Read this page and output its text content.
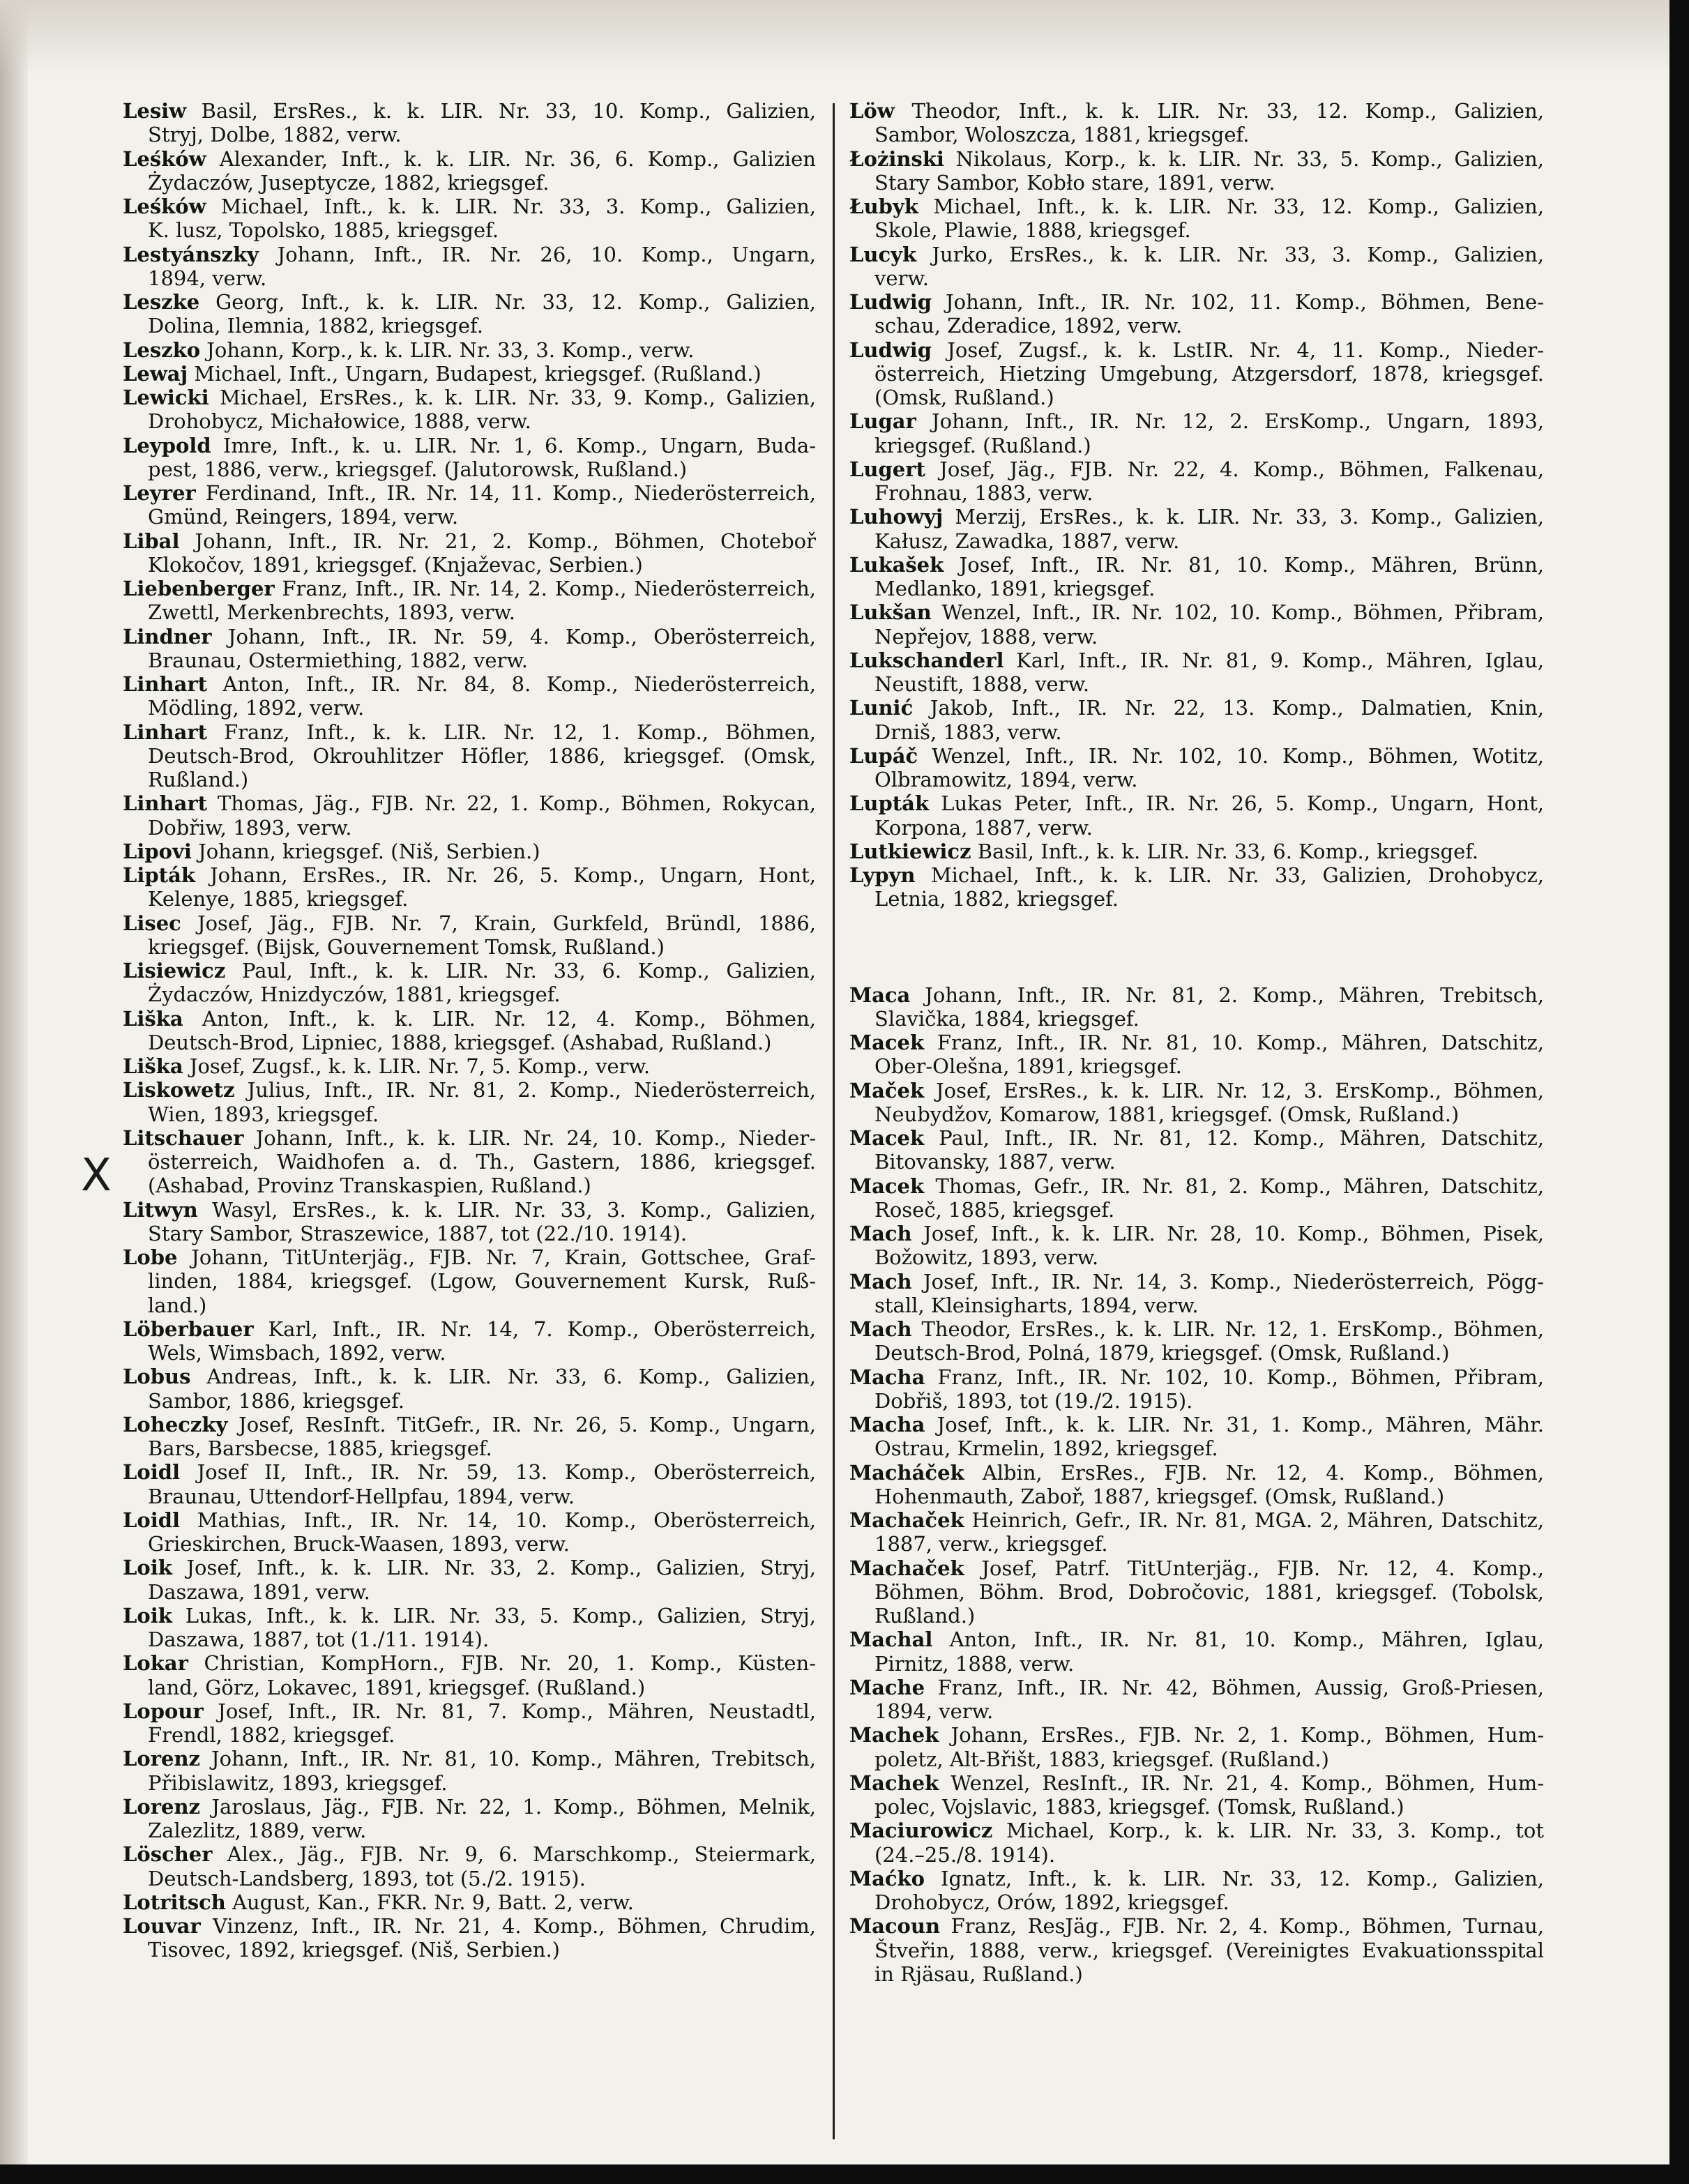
X
Lesiw Basil, ErsRes., k. k. LIR. Nr. 33, 10. Komp., Galizien,
Stryj, Dolbe, 1882, verw.
Leśków Alexander, Inft., k. k. LIR. Nr. 36, 6. Komp., Galizien
Żydaczów, Juseptycze, 1882, kriegsgef.
Leśków Michael, Inft., k. k. LIR. Nr. 33, 3. Komp., Galizien,
K. lusz, Topolsko, 1885, kriegsgef.
Lestyánszky Johann, Inft., IR. Nr. 26, 10. Komp., Ungarn,
1894, verw.
Leszke Georg, Inft., k. k. LIR. Nr. 33, 12. Komp., Galizien,
Dolina, Ilemnia, 1882, kriegsgef.
Leszko Johann, Korp., k. k. LIR. Nr. 33, 3. Komp., verw.
Lewaj Michael, Inft., Ungarn, Budapest, kriegsgef. (Rußland.)
Lewicki Michael, ErsRes., k. k. LIR. Nr. 33, 9. Komp., Galizien,
Drohobycz, Michałowice, 1888, verw.
Leypold Imre, Inft., k. u. LIR. Nr. 1, 6. Komp., Ungarn, Buda-
pest, 1886, verw., kriegsgef. (Jalutorowsk, Rußland.)
Leyrer Ferdinand, Inft., IR. Nr. 14, 11. Komp., Niederösterreich,
Gmünd, Reingers, 1894, verw.
Libal Johann, Inft., IR. Nr. 21, 2. Komp., Böhmen, Choteboř
Klokočov, 1891, kriegsgef. (Knjaževac, Serbien.)
Liebenberger Franz, Inft., IR. Nr. 14, 2. Komp., Niederösterreich,
Zwettl, Merkenbrechts, 1893, verw.
Lindner Johann, Inft., IR. Nr. 59, 4. Komp., Oberösterreich,
Braunau, Ostermiething, 1882, verw.
Linhart Anton, Inft., IR. Nr. 84, 8. Komp., Niederösterreich,
Mödling, 1892, verw.
Linhart Franz, Inft., k. k. LIR. Nr. 12, 1. Komp., Böhmen,
Deutsch-Brod, Okrouhlitzer Höfler, 1886, kriegsgef. (Omsk,
Rußland.)
Linhart Thomas, Jäg., FJB. Nr. 22, 1. Komp., Böhmen, Rokycan,
Dobřiw, 1893, verw.
Lipovi Johann, kriegsgef. (Niš, Serbien.)
Lipták Johann, ErsRes., IR. Nr. 26, 5. Komp., Ungarn, Hont,
Kelenye, 1885, kriegsgef.
Lisec Josef, Jäg., FJB. Nr. 7, Krain, Gurkfeld, Bründl, 1886,
kriegsgef. (Bijsk, Gouvernement Tomsk, Rußland.)
Lisiewicz Paul, Inft., k. k. LIR. Nr. 33, 6. Komp., Galizien,
Żydaczów, Hnizdyczów, 1881, kriegsgef.
Liška Anton, Inft., k. k. LIR. Nr. 12, 4. Komp., Böhmen,
Deutsch-Brod, Lipniec, 1888, kriegsgef. (Ashabad, Rußland.)
Liška Josef, Zugsf., k. k. LIR. Nr. 7, 5. Komp., verw.
Liskowetz Julius, Inft., IR. Nr. 81, 2. Komp., Niederösterreich,
Wien, 1893, kriegsgef.
Litschauer Johann, Inft., k. k. LIR. Nr. 24, 10. Komp., Nieder-
österreich, Waidhofen a. d. Th., Gastern, 1886, kriegsgef.
(Ashabad, Provinz Transkaspien, Rußland.)
Litwyn Wasyl, ErsRes., k. k. LIR. Nr. 33, 3. Komp., Galizien,
Stary Sambor, Straszewice, 1887, tot (22./10. 1914).
Lobe Johann, TitUnterjäg., FJB. Nr. 7, Krain, Gottschee, Graf-
linden, 1884, kriegsgef. (Lgow, Gouvernement Kursk, Ruß-
land.)
Löberbauer Karl, Inft., IR. Nr. 14, 7. Komp., Oberösterreich,
Wels, Wimsbach, 1892, verw.
Lobus Andreas, Inft., k. k. LIR. Nr. 33, 6. Komp., Galizien,
Sambor, 1886, kriegsgef.
Loheczky Josef, ResInft. TitGefr., IR. Nr. 26, 5. Komp., Ungarn,
Bars, Barsbecse, 1885, kriegsgef.
Loidl Josef II, Inft., IR. Nr. 59, 13. Komp., Oberösterreich,
Braunau, Uttendorf-Hellpfau, 1894, verw.
Loidl Mathias, Inft., IR. Nr. 14, 10. Komp., Oberösterreich,
Grieskirchen, Bruck-Waasen, 1893, verw.
Loik Josef, Inft., k. k. LIR. Nr. 33, 2. Komp., Galizien, Stryj,
Daszawa, 1891, verw.
Loik Lukas, Inft., k. k. LIR. Nr. 33, 5. Komp., Galizien, Stryj,
Daszawa, 1887, tot (1./11. 1914).
Lokar Christian, KompHorn., FJB. Nr. 20, 1. Komp., Küsten-
land, Görz, Lokavec, 1891, kriegsgef. (Rußland.)
Lopour Josef, Inft., IR. Nr. 81, 7. Komp., Mähren, Neustadtl,
Frendl, 1882, kriegsgef.
Lorenz Johann, Inft., IR. Nr. 81, 10. Komp., Mähren, Trebitsch,
Přibislawitz, 1893, kriegsgef.
Lorenz Jaroslaus, Jäg., FJB. Nr. 22, 1. Komp., Böhmen, Melnik,
Zalezlitz, 1889, verw.
Löscher Alex., Jäg., FJB. Nr. 9, 6. Marschkomp., Steiermark,
Deutsch-Landsberg, 1893, tot (5./2. 1915).
Lotritsch August, Kan., FKR. Nr. 9, Batt. 2, verw.
Louvar Vinzenz, Inft., IR. Nr. 21, 4. Komp., Böhmen, Chrudim,
Tisovec, 1892, kriegsgef. (Niš, Serbien.)
Löw Theodor, Inft., k. k. LIR. Nr. 33, 12. Komp., Galizien,
Sambor, Woloszcza, 1881, kriegsgef.
Łożinski Nikolaus, Korp., k. k. LIR. Nr. 33, 5. Komp., Galizien,
Stary Sambor, Kobło stare, 1891, verw.
Łubyk Michael, Inft., k. k. LIR. Nr. 33, 12. Komp., Galizien,
Skole, Plawie, 1888, kriegsgef.
Lucyk Jurko, ErsRes., k. k. LIR. Nr. 33, 3. Komp., Galizien,
verw.
Ludwig Johann, Inft., IR. Nr. 102, 11. Komp., Böhmen, Bene-
schau, Zderadice, 1892, verw.
Ludwig Josef, Zugsf., k. k. LstIR. Nr. 4, 11. Komp., Nieder-
österreich, Hietzing Umgebung, Atzgersdorf, 1878, kriegsgef.
(Omsk, Rußland.)
Lugar Johann, Inft., IR. Nr. 12, 2. ErsKomp., Ungarn, 1893,
kriegsgef. (Rußland.)
Lugert Josef, Jäg., FJB. Nr. 22, 4. Komp., Böhmen, Falkenau,
Frohnau, 1883, verw.
Luhowyj Merzij, ErsRes., k. k. LIR. Nr. 33, 3. Komp., Galizien,
Kałusz, Zawadka, 1887, verw.
Lukašek Josef, Inft., IR. Nr. 81, 10. Komp., Mähren, Brünn,
Medlanko, 1891, kriegsgef.
Lukšan Wenzel, Inft., IR. Nr. 102, 10. Komp., Böhmen, Přibram,
Nepřejov, 1888, verw.
Lukschanderl Karl, Inft., IR. Nr. 81, 9. Komp., Mähren, Iglau,
Neustift, 1888, verw.
Lunić Jakob, Inft., IR. Nr. 22, 13. Komp., Dalmatien, Knin,
Drniš, 1883, verw.
Lupáč Wenzel, Inft., IR. Nr. 102, 10. Komp., Böhmen, Wotitz,
Olbramowitz, 1894, verw.
Lupták Lukas Peter, Inft., IR. Nr. 26, 5. Komp., Ungarn, Hont,
Korpona, 1887, verw.
Lutkiewicz Basil, Inft., k. k. LIR. Nr. 33, 6. Komp., kriegsgef.
Lypyn Michael, Inft., k. k. LIR. Nr. 33, Galizien, Drohobycz,
Letnia, 1882, kriegsgef.
Maca Johann, Inft., IR. Nr. 81, 2. Komp., Mähren, Trebitsch,
Slavička, 1884, kriegsgef.
Macek Franz, Inft., IR. Nr. 81, 10. Komp., Mähren, Datschitz,
Ober-Olešna, 1891, kriegsgef.
Maček Josef, ErsRes., k. k. LIR. Nr. 12, 3. ErsKomp., Böhmen,
Neubydžov, Komarow, 1881, kriegsgef. (Omsk, Rußland.)
Macek Paul, Inft., IR. Nr. 81, 12. Komp., Mähren, Datschitz,
Bitovansky, 1887, verw.
Macek Thomas, Gefr., IR. Nr. 81, 2. Komp., Mähren, Datschitz,
Roseč, 1885, kriegsgef.
Mach Josef, Inft., k. k. LIR. Nr. 28, 10. Komp., Böhmen, Pisek,
Božowitz, 1893, verw.
Mach Josef, Inft., IR. Nr. 14, 3. Komp., Niederösterreich, Pögg-
stall, Kleinsigharts, 1894, verw.
Mach Theodor, ErsRes., k. k. LIR. Nr. 12, 1. ErsKomp., Böhmen,
Deutsch-Brod, Polná, 1879, kriegsgef. (Omsk, Rußland.)
Macha Franz, Inft., IR. Nr. 102, 10. Komp., Böhmen, Přibram,
Dobřiš, 1893, tot (19./2. 1915).
Macha Josef, Inft., k. k. LIR. Nr. 31, 1. Komp., Mähren, Mähr.
Ostrau, Krmelin, 1892, kriegsgef.
Macháček Albin, ErsRes., FJB. Nr. 12, 4. Komp., Böhmen,
Hohenmauth, Zaboř, 1887, kriegsgef. (Omsk, Rußland.)
Machaček Heinrich, Gefr., IR. Nr. 81, MGA. 2, Mähren, Datschitz,
1887, verw., kriegsgef.
Machaček Josef, Patrf. TitUnterjäg., FJB. Nr. 12, 4. Komp.,
Böhmen, Böhm. Brod, Dobročovic, 1881, kriegsgef. (Tobolsk,
Rußland.)
Machal Anton, Inft., IR. Nr. 81, 10. Komp., Mähren, Iglau,
Pirnitz, 1888, verw.
Mache Franz, Inft., IR. Nr. 42, Böhmen, Aussig, Groß-Priesen,
1894, verw.
Machek Johann, ErsRes., FJB. Nr. 2, 1. Komp., Böhmen, Hum-
poletz, Alt-Břišt, 1883, kriegsgef. (Rußland.)
Machek Wenzel, ResInft., IR. Nr. 21, 4. Komp., Böhmen, Hum-
polec, Vojslavic, 1883, kriegsgef. (Tomsk, Rußland.)
Maciurowicz Michael, Korp., k. k. LIR. Nr. 33, 3. Komp., tot
(24.–25./8. 1914).
Maćko Ignatz, Inft., k. k. LIR. Nr. 33, 12. Komp., Galizien,
Drohobycz, Orów, 1892, kriegsgef.
Macoun Franz, ResJäg., FJB. Nr. 2, 4. Komp., Böhmen, Turnau,
Štveřin, 1888, verw., kriegsgef. (Vereinigtes Evakuationsspital
in Rjäsau, Rußland.)
